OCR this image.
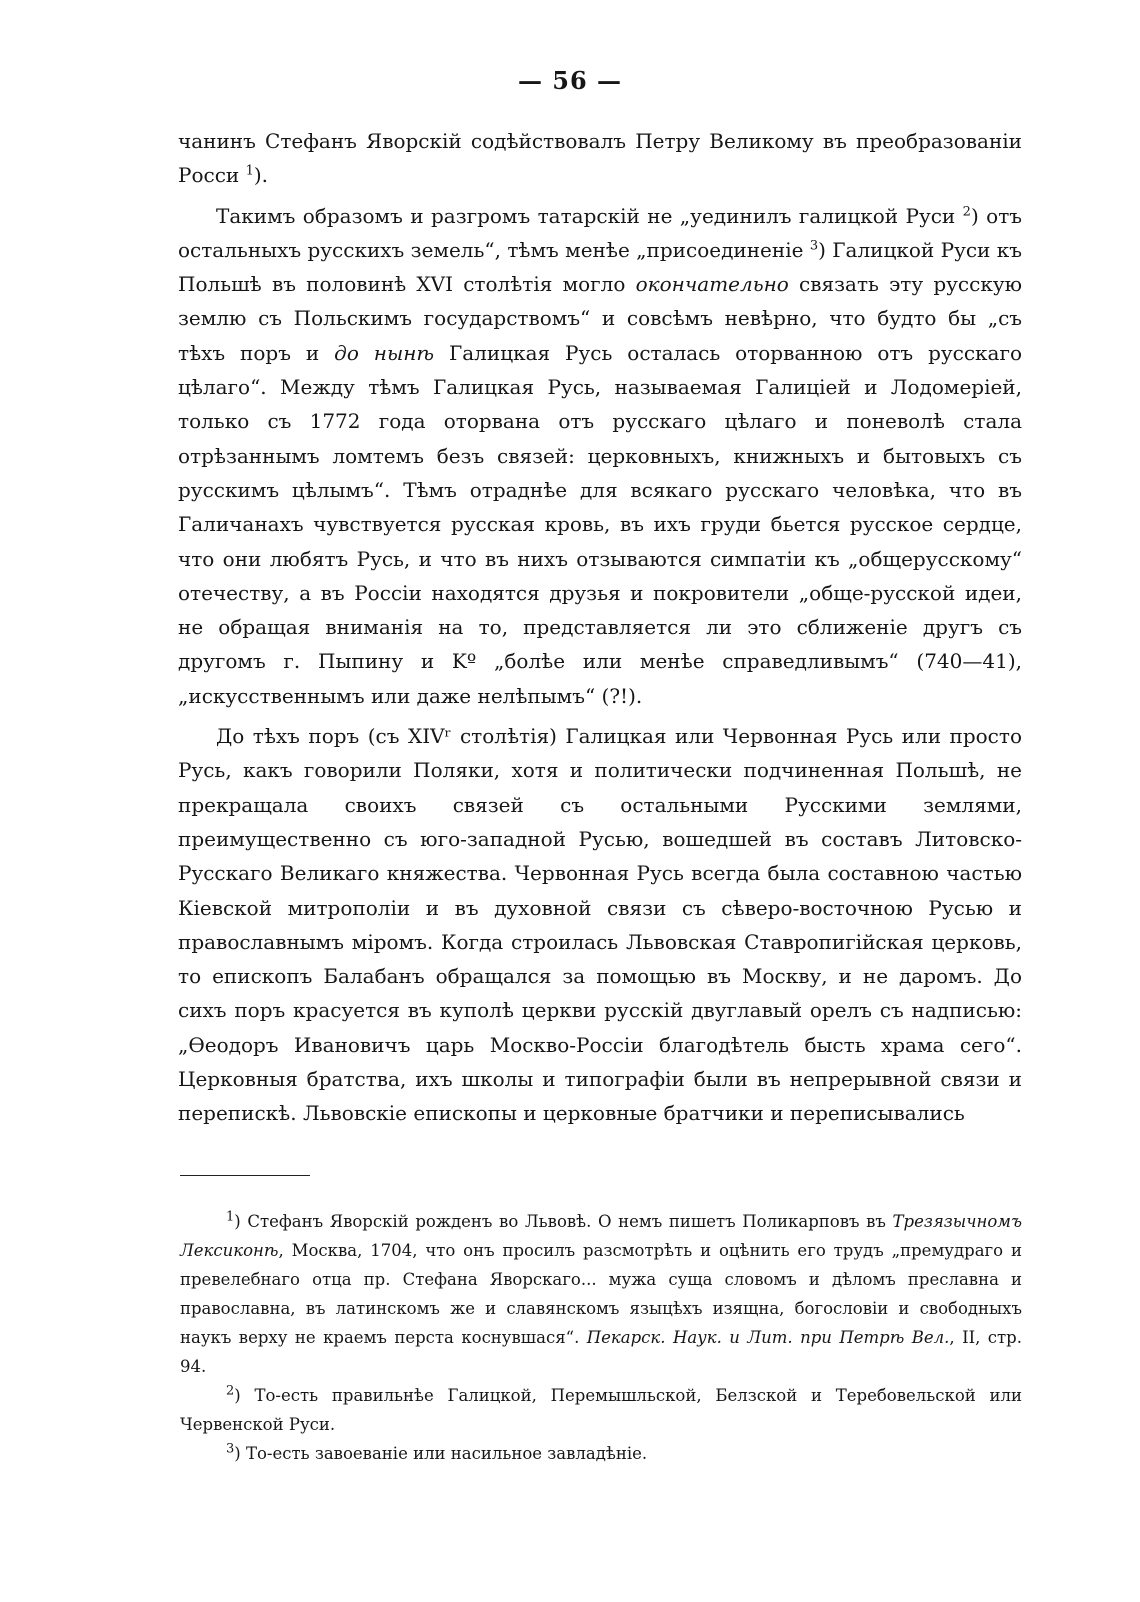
— 56 —

чанинъ Стефанъ Яворскій содѣйствовалъ Петру Великому въ преобразованіи Росси $^1$).

Такимъ образомъ и разгромъ татарскій не „уединилъ галицкой Руси $^2$) отъ остальныхъ русскихъ земель“, тѣмъ менѣе „присоединеніе $^3$) Галицкой Руси къ Польшѣ въ половинѣ XVI столѣтія могло окончательно связать эту русскую землю съ Польскимъ государствомъ“ и совсѣмъ невѣрно, что будто бы „съ тѣхъ поръ и до нынѣ Галицкая Русь осталась оторванною отъ русскаго цѣлаго“. Между тѣмъ Галицкая Русь, называемая Галиціей и Лодомеріей, только съ 1772 года оторвана отъ русскаго цѣлаго и поневолѣ стала отрѣзаннымъ ломтемъ безъ связей: церковныхъ, книжныхъ и бытовыхъ съ русскимъ цѣлымъ“. Тѣмъ отраднѣе для всякаго русскаго человѣка, что въ Галичанахъ чувствуется русская кровь, въ ихъ груди бьется русское сердце, что они любятъ Русь, и что въ нихъ отзываются симпатіи къ „общерусскому“ отечеству, а въ Россіи находятся друзья и покровители „обще-русской идеи, не обращая вниманія на то, представляется ли это сближеніе другъ съ другомъ г. Пыпину и Kº „болѣе или менѣе справедливымъ“ (740—41), „искусственнымъ или даже нелѣпымъ“ (?!).

До тѣхъ поръ (съ XIVʳ столѣтія) Галицкая или Червонная Русь или просто Русь, какъ говорили Поляки, хотя и политически подчиненная Польшѣ, не прекращала своихъ связей съ остальными Русскими землями, преимущественно съ юго-западной Русью, вошедшей въ составъ Литовско-Русскаго Великаго княжества. Червонная Русь всегда была составною частью Кіевской митрополіи и въ духовной связи съ сѣверо-восточною Русью и православнымъ міромъ. Когда строилась Львовская Ставропигійская церковь, то епископъ Балабанъ обращался за помощью въ Москву, и не даромъ. До сихъ поръ красуется въ куполѣ церкви русскій двуглавый орелъ съ надписью: „Өеодоръ Ивановичъ царь Москво-Россіи благодѣтель бысть храма сего“. Церковныя братства, ихъ школы и типографіи были въ непрерывной связи и перепискѣ. Львовскіе епископы и церковные братчики и переписывались

$^1$) Стефанъ Яворскій рожденъ во Львовѣ. О немъ пишетъ Поликарповъ въ Трезязычномъ Лексиконѣ, Москва, 1704, что онъ просилъ разсмотрѣть и оцѣнить его трудъ „премудраго и превелебнаго отца пр. Стефана Яворскаго... мужа суща словомъ и дѣломъ преславна и православна, въ латинскомъ же и славянскомъ языцѣхъ изящна, богословіи и свободныхъ наукъ верху не краемъ перста коснувшася“. Пекарск. Наук. и Лит. при Петрѣ Вел., II, стр. 94.

$^2$) То-есть правильнѣе Галицкой, Перемышльской, Белзской и Теребовельской или Червенской Руси.

$^3$) То-есть завоеваніе или насильное завладѣніе.
